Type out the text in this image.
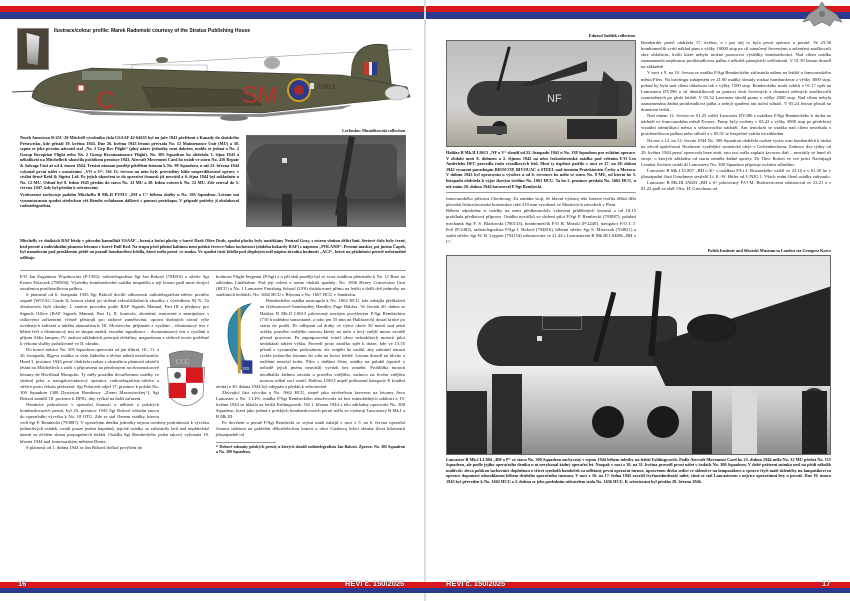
Ilustrace/colour profile: Marek Radomski courtesy of the Stratus Publishing House
C	SM	FV913

North American B-25C-20 Mitchell výrobního čísla USAAF 42-64635 byl na jaře 1943 přelétnut z Kanady do skotského Prestwicku, kde přistál 19. května 1943. Dne 26. května 1943 letoun převzala No. 12 Maintenance Unit (MU) a 30. srpna se jeho prvním uživatel stal „No. 2 Grp Rec Flight“ (plný název jednotky není doložen, mohlo se jednat o No. 2 Group Reception Flight nebo No. 2 Group Reconnaissance Flight). No. 305 Squadron ho obdržela 3. října 1943 a několikrát na Mitchellech ukončila počátkem prosince 1943, Aircraft Movement Card ho uvádí ve stavu No. 416 Repair & Salvage Unit až od 4. února 1944. Trestní záznam později přidělení letounu k No. 98 Squadron, u níž 23. března 1944 vykonal první nálet s označením „VO o O“. Od 13. června na něm byly prováděny blíže nespecifikované opravy v civilní firmě Reid & Sigrist Ltd. Po jejich ukončení se do operační činnosti již nevrátil a 6. října 1944 byl uskladněn u No. 12 MU. Odsud byl 8. ledna 1945 předán do stavu No. 32 MU a 20. ledna vrácen k No. 12 MU. Zde setrval do 5. června 1947, kdy byl předán k sešrotování.

Vyobrazení zachycuje podobu Mitchellu B Mk.II FV913 „SM o C“ během služby u No. 305 Squadron. Letoun má vymontovanou spodní střeleckou věž Bendix ovládanou dálkově s pomocí periskopu. V případě potřeby ji obsluhoval radiotelegrafista.

Lechosław Musiałkowski collection
Mitchelly ve službách RAF létaly v původní kamufláži USAAF – horní a boční plochy v barvě Dark Olive Drab, spodní plochy byly nastříkány Neutral Gray, s ostrou vlnitou dělící linií. Sériové číslo bylo černé, kód perutě a individuální písmeno letounu v barvě Dull Red. Na trupu před pilotní kabinou není polská čtverce-bílou šachovnicí (obdoba kokardy RAF) s nápisem „POLAND“. Perutní maskot, psí jméno Čapek, byl namalován pod prosklením přídě na pozadí bombardéru křídla, které měla peruť ve znaku. Ve spodní části křídla pod displejem měl nápisu zkratka hodnosti „AC2“, která na příslušníci perutě neformálně odlišuje.

F/O Jan Eugeniusz Wąsikowski (P-1582), radiotelegrafista Sgt Jan Bokroš (794816) a střelec Sgt Ernest Polaczek (780504). Výsledky bombardování osádka nespatřila a její letoun padl mezi dvojicí zasaženou protiletadlovou palbou.

S platností od 6. listopadu 1943 Sgt Bokroš docílil odbornosti radiotelegrafista-střelec prvního stupně (WO/AG Grade I), kterou získal po složení rekvalifikačních zkoušky s výsledkem 84 %. Ta obsahovala čtyři okruhy: I. znalost procedur podle RAF Signals Manual, Part III a předpisy pro Signals Office (RAF Signals Manual, Part I); II. kontrola, zkoušení, nastavení a manipulace s radiovými zařízeními včetně přístrojů pro rádiové zaměřování, oprava drobných závad výše uvedených zařízení a údržba akumulátorů; III. Morseovka: příjímání a vysílání – třiminutový test v běžné řeči a tříminutový test ze skupin znaků, vizuální signalizace – dvouminutový test z vysílání a příjmu Aldis lampou; IV. znalost základních principů elektřiny, magnetismu a rádiové teorie potřebné k výkonu služby požadované ve II. okruhu.

CCC

Do konce měsíce No. 305 Squadron operovala už jen třikrát, 10., 11. a 26. listopadu, Illgova osádka se však žádného z těchto náletů nezúčastnila. Hned 3. prosince 1943 peruť obdržela rozkaz s okamžitou platností ukončit létání na Mitchellech a začít s přípravami na přezbrojení na dvoumotorové letouny de Havilland Mosquito. Ty měly posádku dvoučlennou osádky ve složení pilot a navigátor/radarový operátor, radiotelegrafisty-střelce a střelce proto čekalo přeřazení: Sgt Polaczek odjel 17. prosince k polské No. 300 Squadron (300 Dywizjon Bombowy „Ziemi Mazowieckiej“), Sgt Bokroš zamířil 18. prosince k DPIG, aby vyčkal na další zařazení.

Nemíníce pokračovat v operační činnosti u některé z polských bombardovacích perutí, byl 23. prosince 1943 Sgt Bokroš odeslán znovu do operačního výcviku k No. 18 OTU. Zde se stal členem osádky, kterou vedl Sgt F. Rembecki (793887). V operačním deníku jednotky nejsou uvedeny podrobnosti k výcviku jednotlivých osádek, uvádí pouze jména kapitánů, jejichž osádky se zúčastnily letů nad nepřátelské území za účelem shozu propagačních letáků. Osádka Sgt Rembeckého jeden takový vykonala 18. března 1944 nad francouzským městem Dreux.

S platností od 1. dubna 1944 se Jan Bokroš dočkal povýšení do

hodnosti Flight Sergeant (F/Sgt) a o pět dnů později byl se svou osádkou přemístěn k No. 11 Base na základnu Lindholme. Pod její velení v tomto období spadaly: No. 1656 Heavy Conversion Unit (HCU) a No. 1 Lancaster Finishing School (LFS) dislokované přímo na letišti a další dvě jednotky na satelitních letištích: No. 1662 HCU v Blytonu a No. 1667 HCU v Sandtoftu.

305

Rembeckého osádka nastoupila k No. 1662 HCU, kde zahájila přeškolení na čtyřmotorové bombardéry Handley Page Halifax. Ve čtvrtek 20. dubna se Halifax B Mk.II L9613 pilotovaný nezitým povýšeným F/Sgt Rembeckim (710 h nalétáno samostatně, z toho jen 55 min na Halifaxech) dostal krátce po startu do potíží. Po odlepení od dráhy ve výšce okolo 50 metrů nad zemí otáčky pravého vnějšího motoru klesly na nulu a levý vnější motor rovněž přestal pracovat. Po zapraporování vrtulí obou nefunkčních motorů pilot nedokázal udržet výšku. Provedl proto zatáčku zpět k dráze, kde ve 13.55 přistál s vysunutým podvozkem, ale vzápětí ho zatáhl, aby zabránil nárazu rychle jedoucího letounu do valu na konci letiště. Letoun dosedl na břicho a nalétání nezačal hořet. Pilot s dalšími členy osádky na palubě (zprávě o nehodě jejich jména neuvádí) vyvázli bez zranění. Prohlídka motorů neodhalila žádnou závadu u pravého vnějšího, zatímco na levém vnějším motoru selhal sací ventil. Halifax L9613 utrpěl poškození kategorie E (totální ztráta) a 30. dubna 1944 byl odepsán a předán k sešrotování.

Zbývající část výcviku u No. 1662 HCU, stejně jako závěrečnou konverzi na letouny Avro Lancaster u No. 1 LFS, osádka F/Sgt Rembeckého absolvovala už bez mimořádných událostí a 19. května 1944 se hlásila na letišti Faldingworth. Od 1. března 1944 z této základny operovala No. 300 Squadron, která jako jediná z polských bombardovacích perutí měla ve výzbroji Lancastery B Mk.I a B Mk.III.

Po dovršení u perutě F/Sgt Rembecki se svými muži zahájil v noci z 5. na 6. června operační činnost náletem na pobřežní dělostřeleckou baterii u obce Grisbecq ležící zhruba třicet kilometrů jihozápadně od

¹¹ Dobové odznaky polských perutí, u kterých sloužil radiotelegrafista Jan Bokroš. Zprava: No. 305 Squadron a No. 300 Squadron.
Eduard Sadílek collection
NF
Halifax B Mk.II L9613 „NF o V“ sloužil od 22. listopadu 1941 u No. 138 Squadron pro zvláštní operace. V období mezi 8. dubnem a 2. říjnem 1942 na něm československá osádka pod velením F/O Leo Anderleho DFC provedla řadu výsadkových letů. Mezi ty úspěšné patřilo v noci ze 27. na 28. dubna 1942 vysazení paraskupin BIOSCOP, BIVOUAC a STEEL nad územím Protektorátu Čechy a Morava. V dubnu 1943 byl opravován u výrobce a od 6. července ho měla ve stavu No. 8 MU, od kterní ho 3. listopadu obdržela k výjor ikovým účelům No. 1661 HCU. Ta ho 2. prosince předala No. 1662 HCU, u níž znám 20. dubna 1944 havaroval F/Sgt Rembecki.

francouzského přístavu Cherbourg. Za zmínku stojí, že hlavní výzbroj této baterie tvořila těžká děla původní československé konstrukce ráže 210 mm vyrobená ve Škodových závodech v Plzni.

Během odpoledne si osádky na zemi předkontrolaly vybavení přidělených letounů a od 18.15 probíhala předletová příprava. Osádku nováčků ve složení pilot F/Sgt F. Rembecki (793887), palubní mechanik Sgt F. S. Bladowski (780133), bombometčík F/O B. Morski (P-2240), navigátor F/O I. J. Feil (P-2485), radiotelegrafista F/Sgt J. Bokroš (794816), hřbetní střelec Sgt S. Miszczak (704821) a zadní střelec Sgt W. B. Leppert (794154) odstartovala ve 21.44 s Lancasterem B Mk.III LM286 „BH o C“.

Bombardér pernč obdržela 17. května, a i pro něj to byla první operace u perutě. Ve 23.38 bombometčík svrhl náklad pum z výšky 10000 stop na cíl označený červenými a zelenými značkovači skrz oblačnost, kvůli které nebylo možné pozorovat výsledky bombardování. Nad cílem osádka zaznamenala nepřesnou protiletadlovou palbu a několik pátrajících světlometů. V 01.39 letoun dosedl na základně.

V noci z 9. na 10. června se osádka F/Sgt Rembeckého zúčastnila náletu na letiště u francouzského města Flers. Na briefingu zahájeném ve 21.00 osádky dostaly rozkaz bombardovat z výšky 3000 stop, pokud by byla nad cílem oblačnost tak z výšky 1500 stop. Rembeckého muži vzlétli v 01.17 opět na Lancasteru DV286 a cíl identifikovali za pomoci šesti červených a dvanácti zelených značkovačů rozmístěných po ploše letiště. V 03.32 Lancaster shodil pumy z výšky 2000 stop. Nad cílem nebyla zaznamenána žádná protiletadlová palba a nebyli spatřeni ani noční stíhači. V 05.24 letoun přistál na domácím letišti.

Nad ránem 12. června ve 01.25 vzlétl Lancaster DV286 s osádkou F/Sgt Rembeckého k útoku na nádraží ve francouzském městě Evreux. Pumy byly svrženy v 03.22 z výšky 3000 stop po předchozí vizuální identifikaci města a seřazovacího nádraží. Ani tentokrát se osádka nad cílem nesetkala s protiletadlovou palbou nebo stíhači a v 05.01 se bezpečně vrátila na základnu.

Na noc z 12. na 13. června 1944 No. 300 Squadron obdržela rozkaz vyslat osm bombardérů k útoku na závod společnosti Nordstern vyrábějící syntetické oleje v Gelsenkirchenu. Zatímco dva týdny od 29. května 1944 peruť operovala beze ztrát, tato noc měla zaplatit krvavou daň – nevrátily se hned tři stroje, o kterých základna od startu neměla žádné zprávy. Dr Theo Boiten ve své práci Nachtjagd Combat Archive uvádí tři Lancastery No. 300 Squadron připisuje nočním stíhačům.

Lancaster B Mk.I LL807 „BH o K“ s osádkou F/Lt J. Rozanského vzlétl ve 23.16 a v 01.30 ho v jihozápadní části Unselmeer sestřelil Lt. E.-W. Hitler od 3./NJG 1. Všech sedm členů osádky zahynulo.

Lancaster B Mk.III JA683 „BH o S“ pilotovaný F/O M. Burkiewiczem odstartoval ve 23.21 a v 01.22 padl za oběť Ofw. H. Gieschena od

Polish Institute and Sikorski Museum in London via Grzegorz Korcz
Lancaster B Mk.I LL804 „BH o P“ ze stavu No. 300 Squadron zachycený v srpnu 1944 během údržby na letišti Faldingworth. Podle Aircraft Movement Card ho 23. dubna 1944 měla No. 32 MU předat No. 115 Squadron, ale podle jejího operačního deníku u ní nevykonal žádný operační let. Naopak v noci z 30. na 31. května provedl první nálet v řadách No. 300 Squadron. V době pořízení snímku nesl na přídi několik malůvek: zleva polskou šachovnici doplněnou o třicet symbolů bombiček za odlétaný první operační turnus, upravenou dívku sedící ve skleničce na lampasákovi a vpravo čtyři malé skleničky na lampašíkovi za operace dopomoci odsouhlasení během druhého operačního turnusu. V noci z 16. na 17. ledna 1945 završil čtyřiasedmdesátý nálet, čímž se stal Lancasterem s nejvíce operačními lety u perutě. Dne 19. února 1945 byl převeden k No. 1662 HCU a 5. dubna se jeho posledním uživatelem stala No. 1656 HCU. K sešrotování byl předán 28. března 1946.
16	REVI č. 150/2025	REVI č. 150/2025	17
